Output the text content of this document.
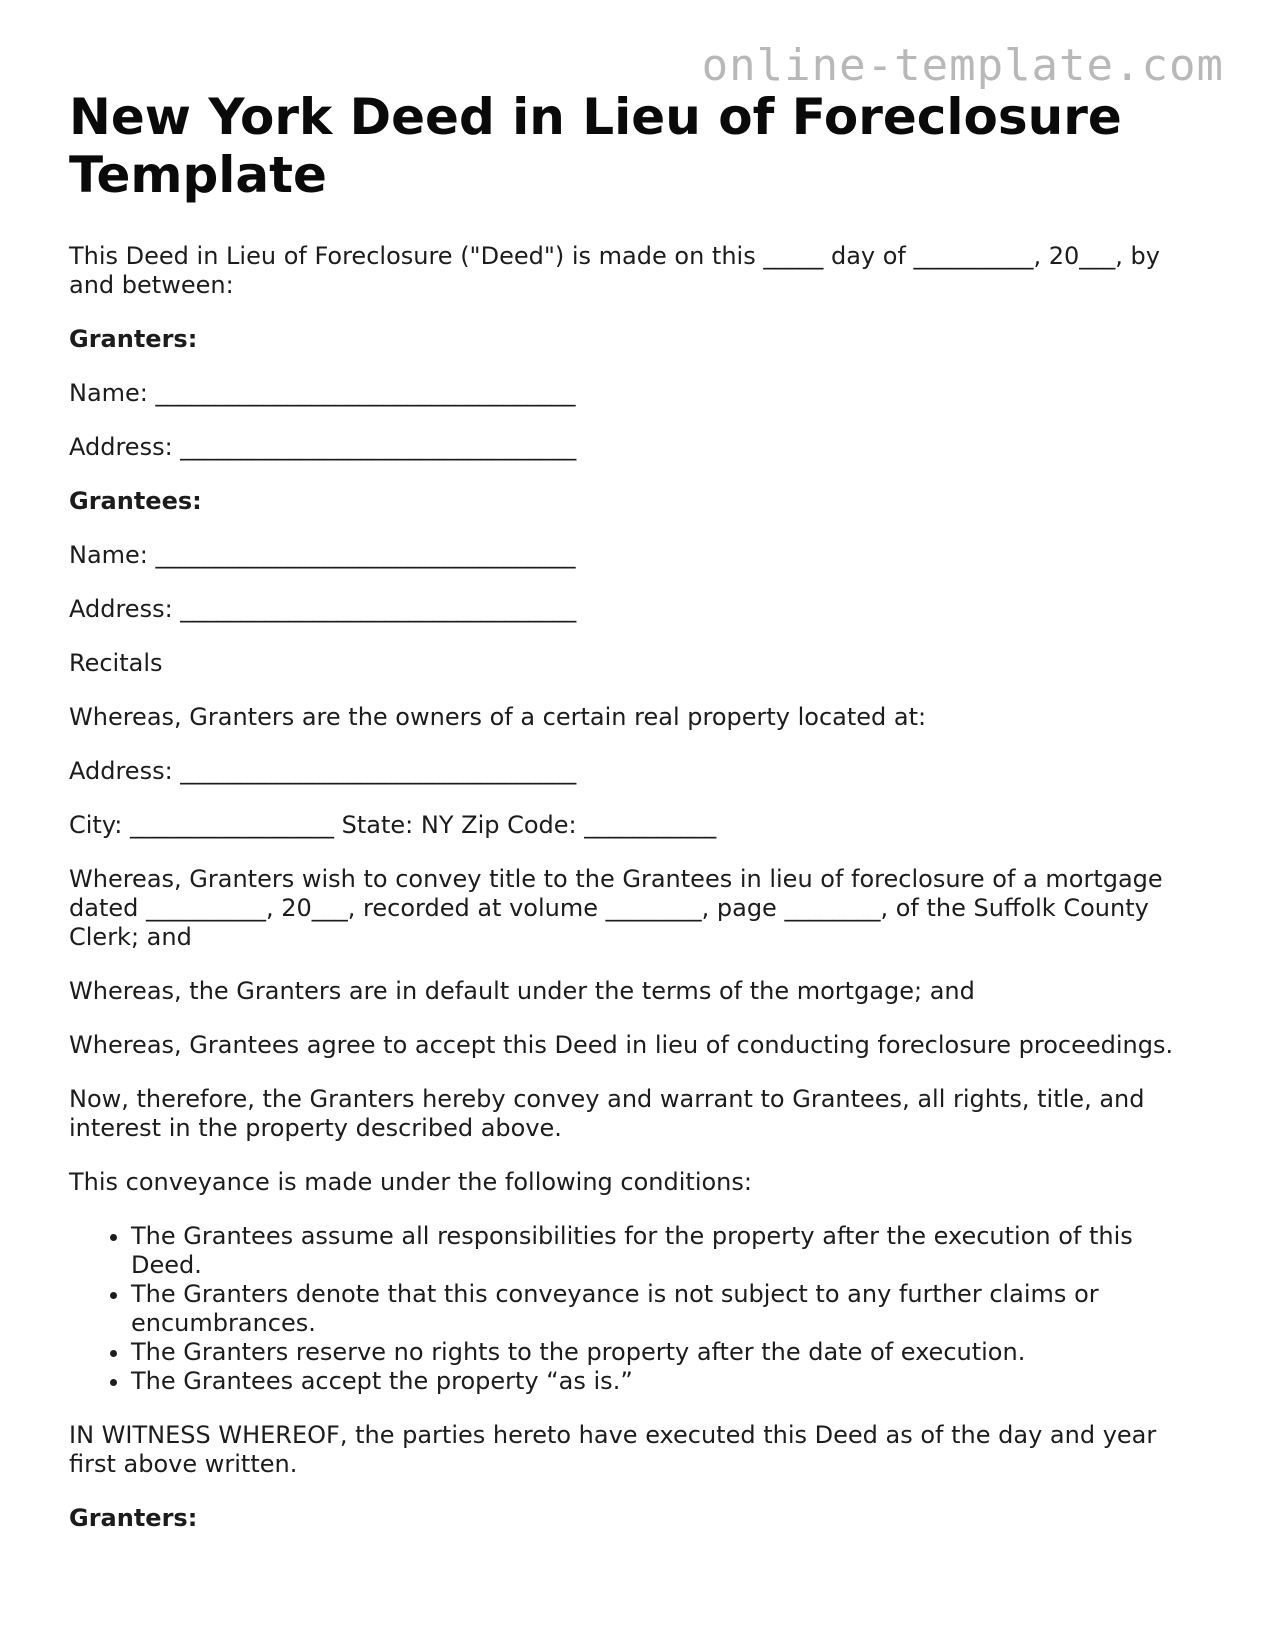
online-template.com
New York Deed in Lieu of Foreclosure Template

This Deed in Lieu of Foreclosure ("Deed") is made on this _____ day of __________, 20___, by and between:

Granters:

Name: ___________________________________

Address: _________________________________

Grantees:

Name: ___________________________________

Address: _________________________________

Recitals

Whereas, Granters are the owners of a certain real property located at:

Address: _________________________________

City: _________________ State: NY Zip Code: ___________

Whereas, Granters wish to convey title to the Grantees in lieu of foreclosure of a mortgage dated __________, 20___, recorded at volume ________, page ________, of the Suffolk County Clerk; and

Whereas, the Granters are in default under the terms of the mortgage; and

Whereas, Grantees agree to accept this Deed in lieu of conducting foreclosure proceedings.

Now, therefore, the Granters hereby convey and warrant to Grantees, all rights, title, and interest in the property described above.

This conveyance is made under the following conditions:

• The Grantees assume all responsibilities for the property after the execution of this Deed.
• The Granters denote that this conveyance is not subject to any further claims or encumbrances.
• The Granters reserve no rights to the property after the date of execution.
• The Grantees accept the property “as is.”

IN WITNESS WHEREOF, the parties hereto have executed this Deed as of the day and year first above written.

Granters:
